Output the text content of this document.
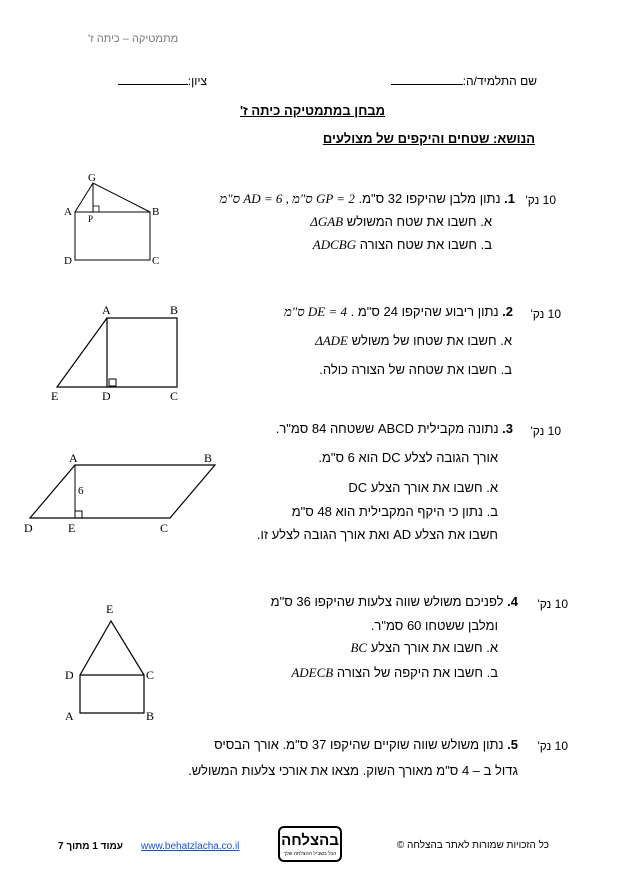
מתמטיקה – כיתה ז'
שם התלמיד/ה:
ציון:
מבחן במתמטיקה כיתה ז'
הנושא: שטחים והיקפים של מצולעים
10 נק'
1. נתון מלבן שהיקפו 32 ס"מ. GP = 2 ס"מ , AD = 6 ס"מ
א. חשבו את שטח המשולש ΔGAB
ב. חשבו את שטח הצורה ADCBG
G
A	B
P
D	C
10 נק'
2. נתון ריבוע שהיקפו 24 ס"מ . DE = 4 ס"מ
א. חשבו את שטחו של משולש ΔADE
ב. חשבו את שטחה של הצורה כולה.
A	B
E	D	C
10 נק'
3. נתונה מקבילית ABCD ששטחה 84 סמ"ר.
אורך הגובה לצלע DC הוא 6 ס"מ.
א. חשבו את אורך הצלע DC
ב. נתון כי היקף המקבילית הוא 48 ס"מ
חשבו את הצלע AD ואת אורך הגובה לצלע זו.
A	B
D	E	C
6
10 נק'
4. לפניכם משולש שווה צלעות שהיקפו 36 ס"מ
ומלבן ששטחו 60 סמ"ר.
א. חשבו את אורך הצלע BC
ב. חשבו את היקפה של הצורה ADECB
E
D	C
A	B
10 נק'
5. נתון משולש שווה שוקיים שהיקפו 37 ס"מ. אורך הבסיס
גדול ב – 4 ס"מ מאורך השוק. מצאו את אורכי צלעות המשולש.
כל הזכויות שמורות לאתר בהצלחה ©
בהצלחה
הכל בשביל ההצלחה שלך
www.behatzlacha.co.il
עמוד 1 מתוך 7
